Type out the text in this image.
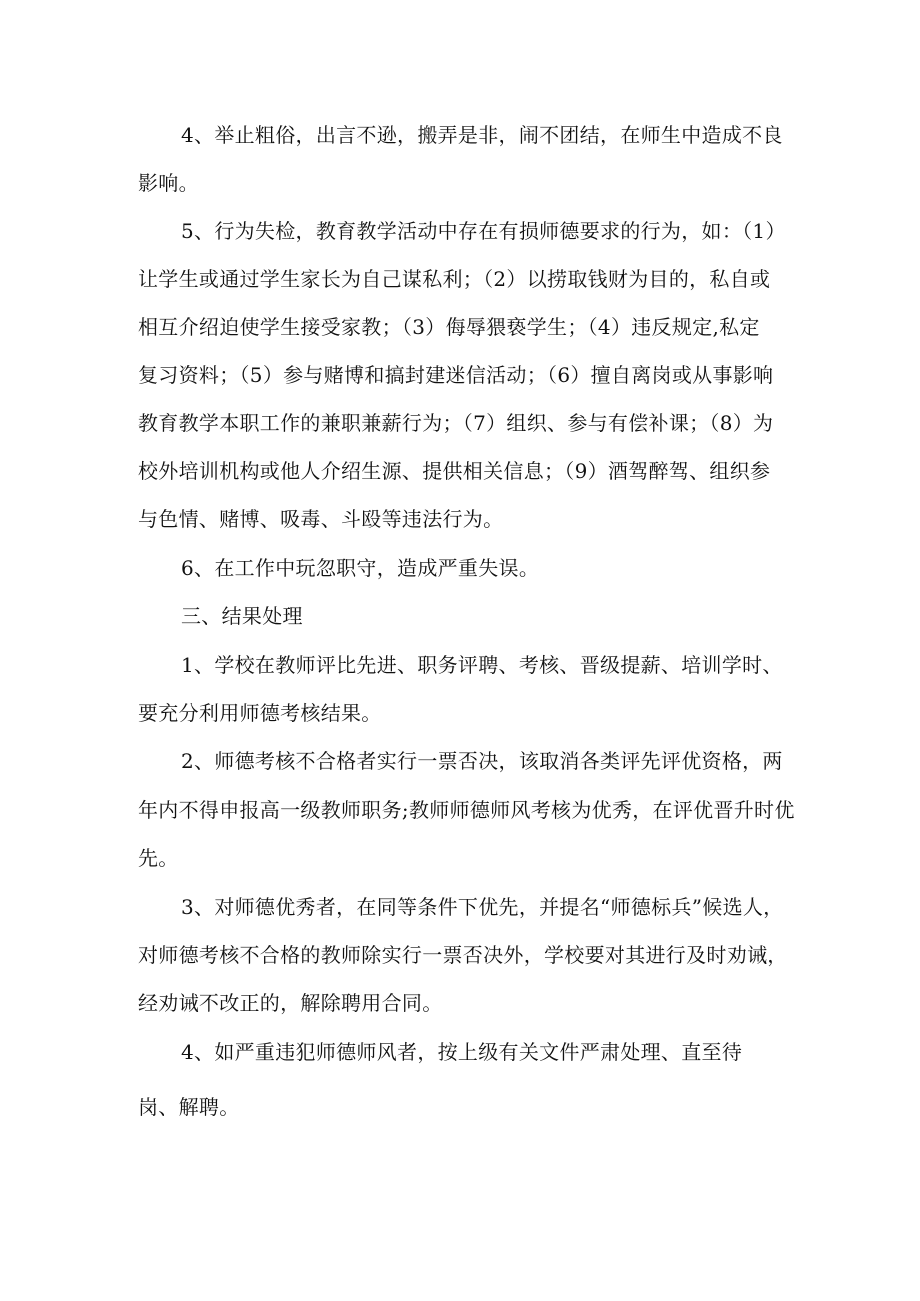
4、举止粗俗，出言不逊，搬弄是非，闹不团结，在师生中造成不良
影响。
5、行为失检，教育教学活动中存在有损师德要求的行为，如：（1）
让学生或通过学生家长为自己谋私利；（2）以捞取钱财为目的，私自或
相互介绍迫使学生接受家教；（3）侮辱猥亵学生；（4）违反规定,私定
复习资料；（5）参与赌博和搞封建迷信活动；（6）擅自离岗或从事影响
教育教学本职工作的兼职兼薪行为；（7）组织、参与有偿补课；（8）为
校外培训机构或他人介绍生源、提供相关信息；（9）酒驾醉驾、组织参
与色情、赌博、吸毒、斗殴等违法行为。
6、在工作中玩忽职守，造成严重失误。
三、结果处理
1、学校在教师评比先进、职务评聘、考核、晋级提薪、培训学时、
要充分利用师德考核结果。
2、师德考核不合格者实行一票否决，该取消各类评先评优资格，两
年内不得申报高一级教师职务;教师师德师风考核为优秀，在评优晋升时优
先。
3、对师德优秀者，在同等条件下优先，并提名“师德标兵”候选人，
对师德考核不合格的教师除实行一票否决外，学校要对其进行及时劝诫，
经劝诫不改正的，解除聘用合同。
4、如严重违犯师德师风者，按上级有关文件严肃处理、直至待
岗、解聘。
